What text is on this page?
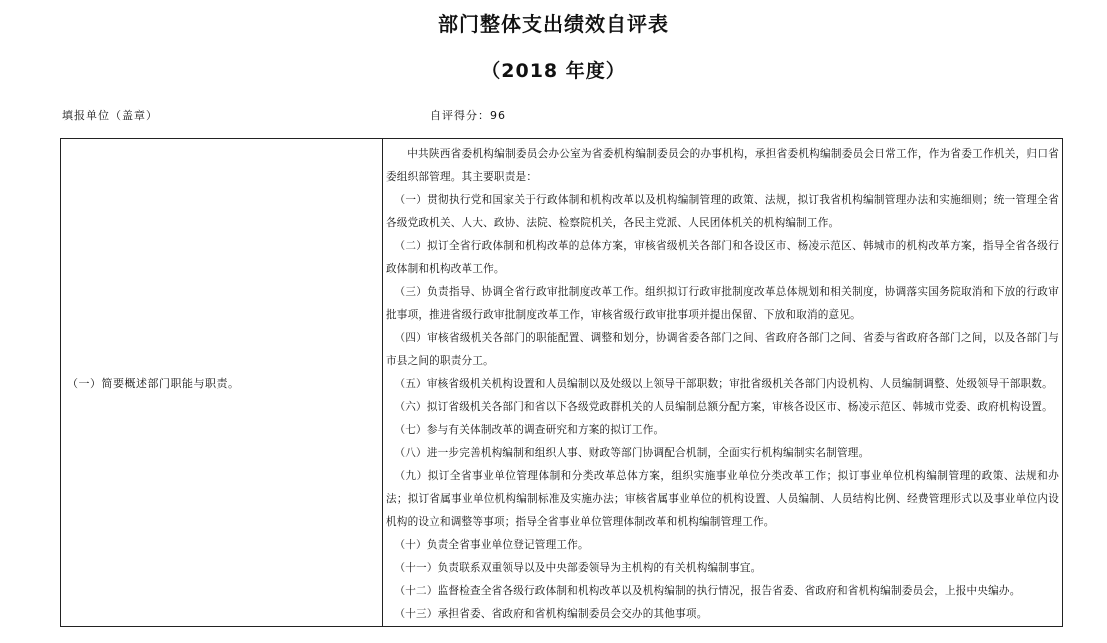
部门整体支出绩效自评表
（2018 年度）
填报单位（盖章）	自评得分：96
（一）简要概述部门职能与职责。

中共陕西省委机构编制委员会办公室为省委机构编制委员会的办事机构，承担省委机构编制委员会日常工作，作为省委工作机关，归口省委组织部管理。其主要职责是：

（一）贯彻执行党和国家关于行政体制和机构改革以及机构编制管理的政策、法规，拟订我省机构编制管理办法和实施细则；统一管理全省各级党政机关、人大、政协、法院、检察院机关，各民主党派、人民团体机关的机构编制工作。

（二）拟订全省行政体制和机构改革的总体方案，审核省级机关各部门和各设区市、杨凌示范区、韩城市的机构改革方案，指导全省各级行政体制和机构改革工作。

（三）负责指导、协调全省行政审批制度改革工作。组织拟订行政审批制度改革总体规划和相关制度，协调落实国务院取消和下放的行政审批事项，推进省级行政审批制度改革工作，审核省级行政审批事项并提出保留、下放和取消的意见。

（四）审核省级机关各部门的职能配置、调整和划分，协调省委各部门之间、省政府各部门之间、省委与省政府各部门之间，以及各部门与市县之间的职责分工。

（五）审核省级机关机构设置和人员编制以及处级以上领导干部职数；审批省级机关各部门内设机构、人员编制调整、处级领导干部职数。

（六）拟订省级机关各部门和省以下各级党政群机关的人员编制总额分配方案，审核各设区市、杨凌示范区、韩城市党委、政府机构设置。

（七）参与有关体制改革的调查研究和方案的拟订工作。

（八）进一步完善机构编制和组织人事、财政等部门协调配合机制，全面实行机构编制实名制管理。

（九）拟订全省事业单位管理体制和分类改革总体方案，组织实施事业单位分类改革工作；拟订事业单位机构编制管理的政策、法规和办法；拟订省属事业单位机构编制标准及实施办法；审核省属事业单位的机构设置、人员编制、人员结构比例、经费管理形式以及事业单位内设机构的设立和调整等事项；指导全省事业单位管理体制改革和机构编制管理工作。

（十）负责全省事业单位登记管理工作。

（十一）负责联系双重领导以及中央部委领导为主机构的有关机构编制事宜。

（十二）监督检查全省各级行政体制和机构改革以及机构编制的执行情况，报告省委、省政府和省机构编制委员会，上报中央编办。

（十三）承担省委、省政府和省机构编制委员会交办的其他事项。
